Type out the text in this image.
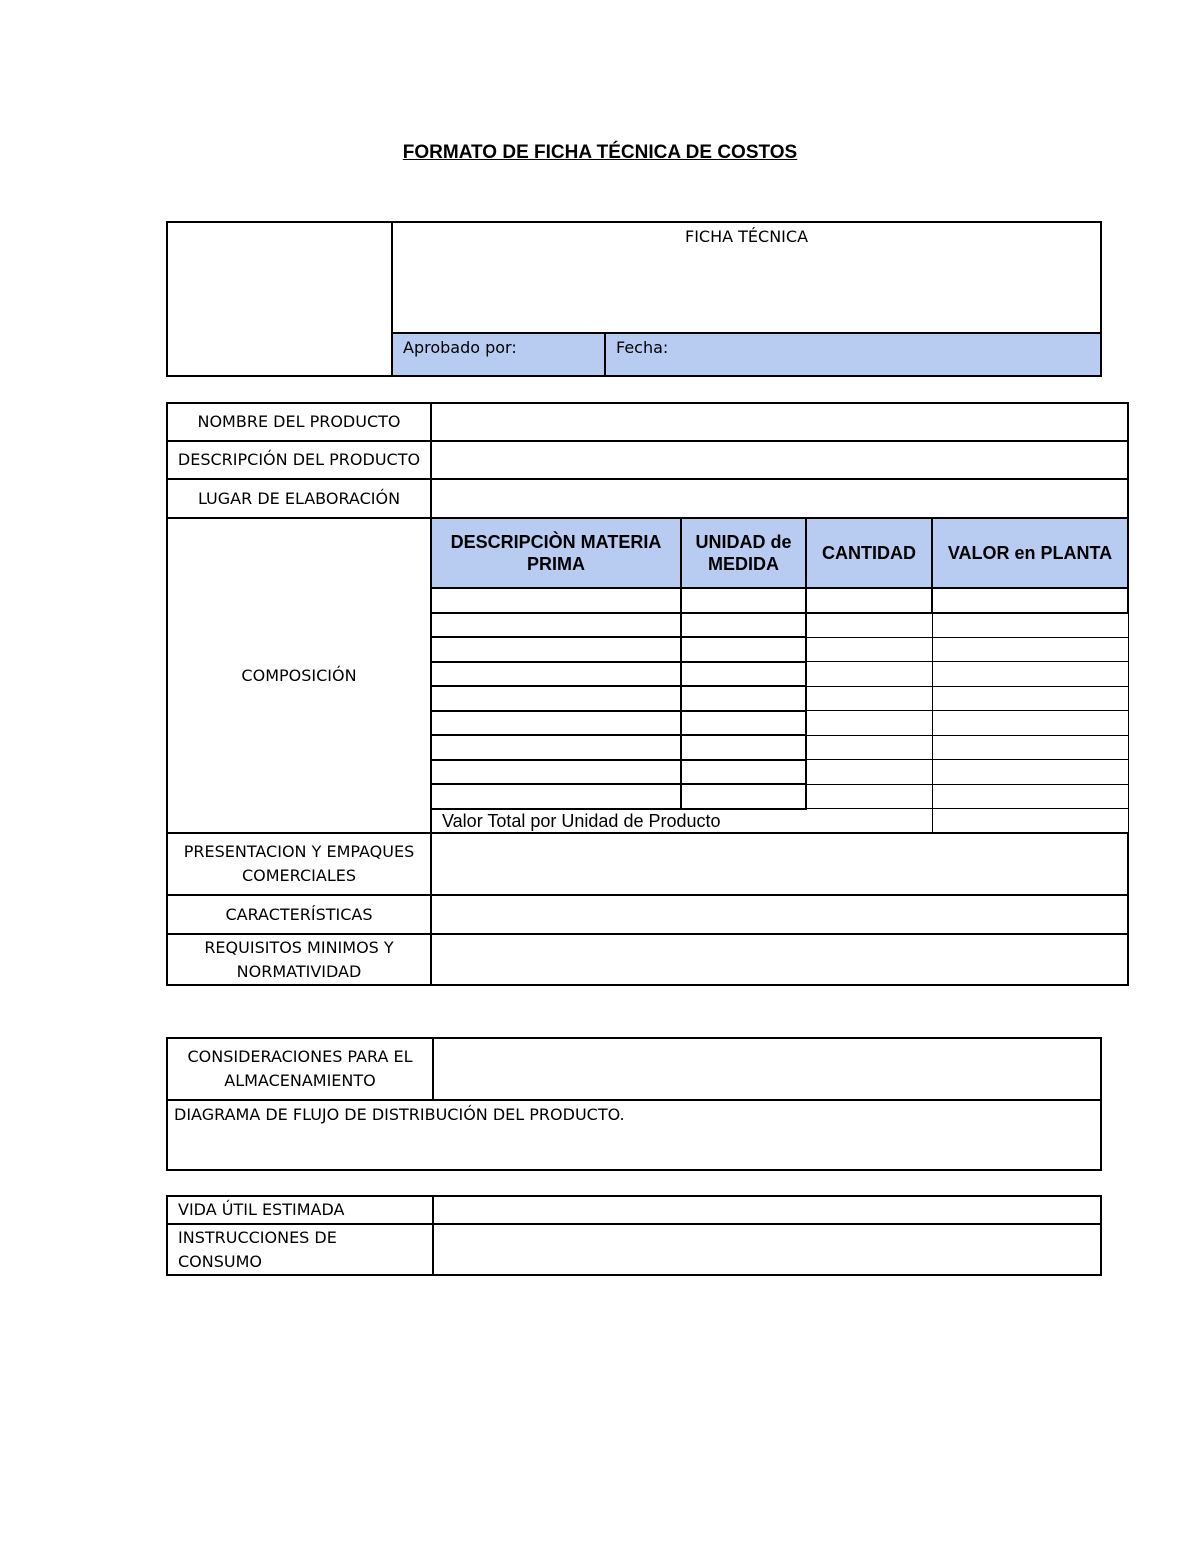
FORMATO DE FICHA TÉCNICA DE COSTOS
	FICHA TÉCNICA	
	Aprobado por:	Fecha:
NOMBRE DEL PRODUCTO				
DESCRIPCIÓN DEL PRODUCTO				
LUGAR DE ELABORACIÓN				
COMPOSICIÓN	DESCRIPCIÒN MATERIA PRIMA	UNIDAD de MEDIDA	CANTIDAD	VALOR en PLANTA

	Valor Total por Unidad de Producto			
PRESENTACION Y EMPAQUES COMERCIALES				
CARACTERÍSTICAS				
REQUISITOS MINIMOS Y NORMATIVIDAD				
CONSIDERACIONES PARA EL ALMACENAMIENTO	
DIAGRAMA DE FLUJO DE DISTRIBUCIÓN DEL PRODUCTO.
VIDA ÚTIL ESTIMADA	
INSTRUCCIONES DE CONSUMO	
